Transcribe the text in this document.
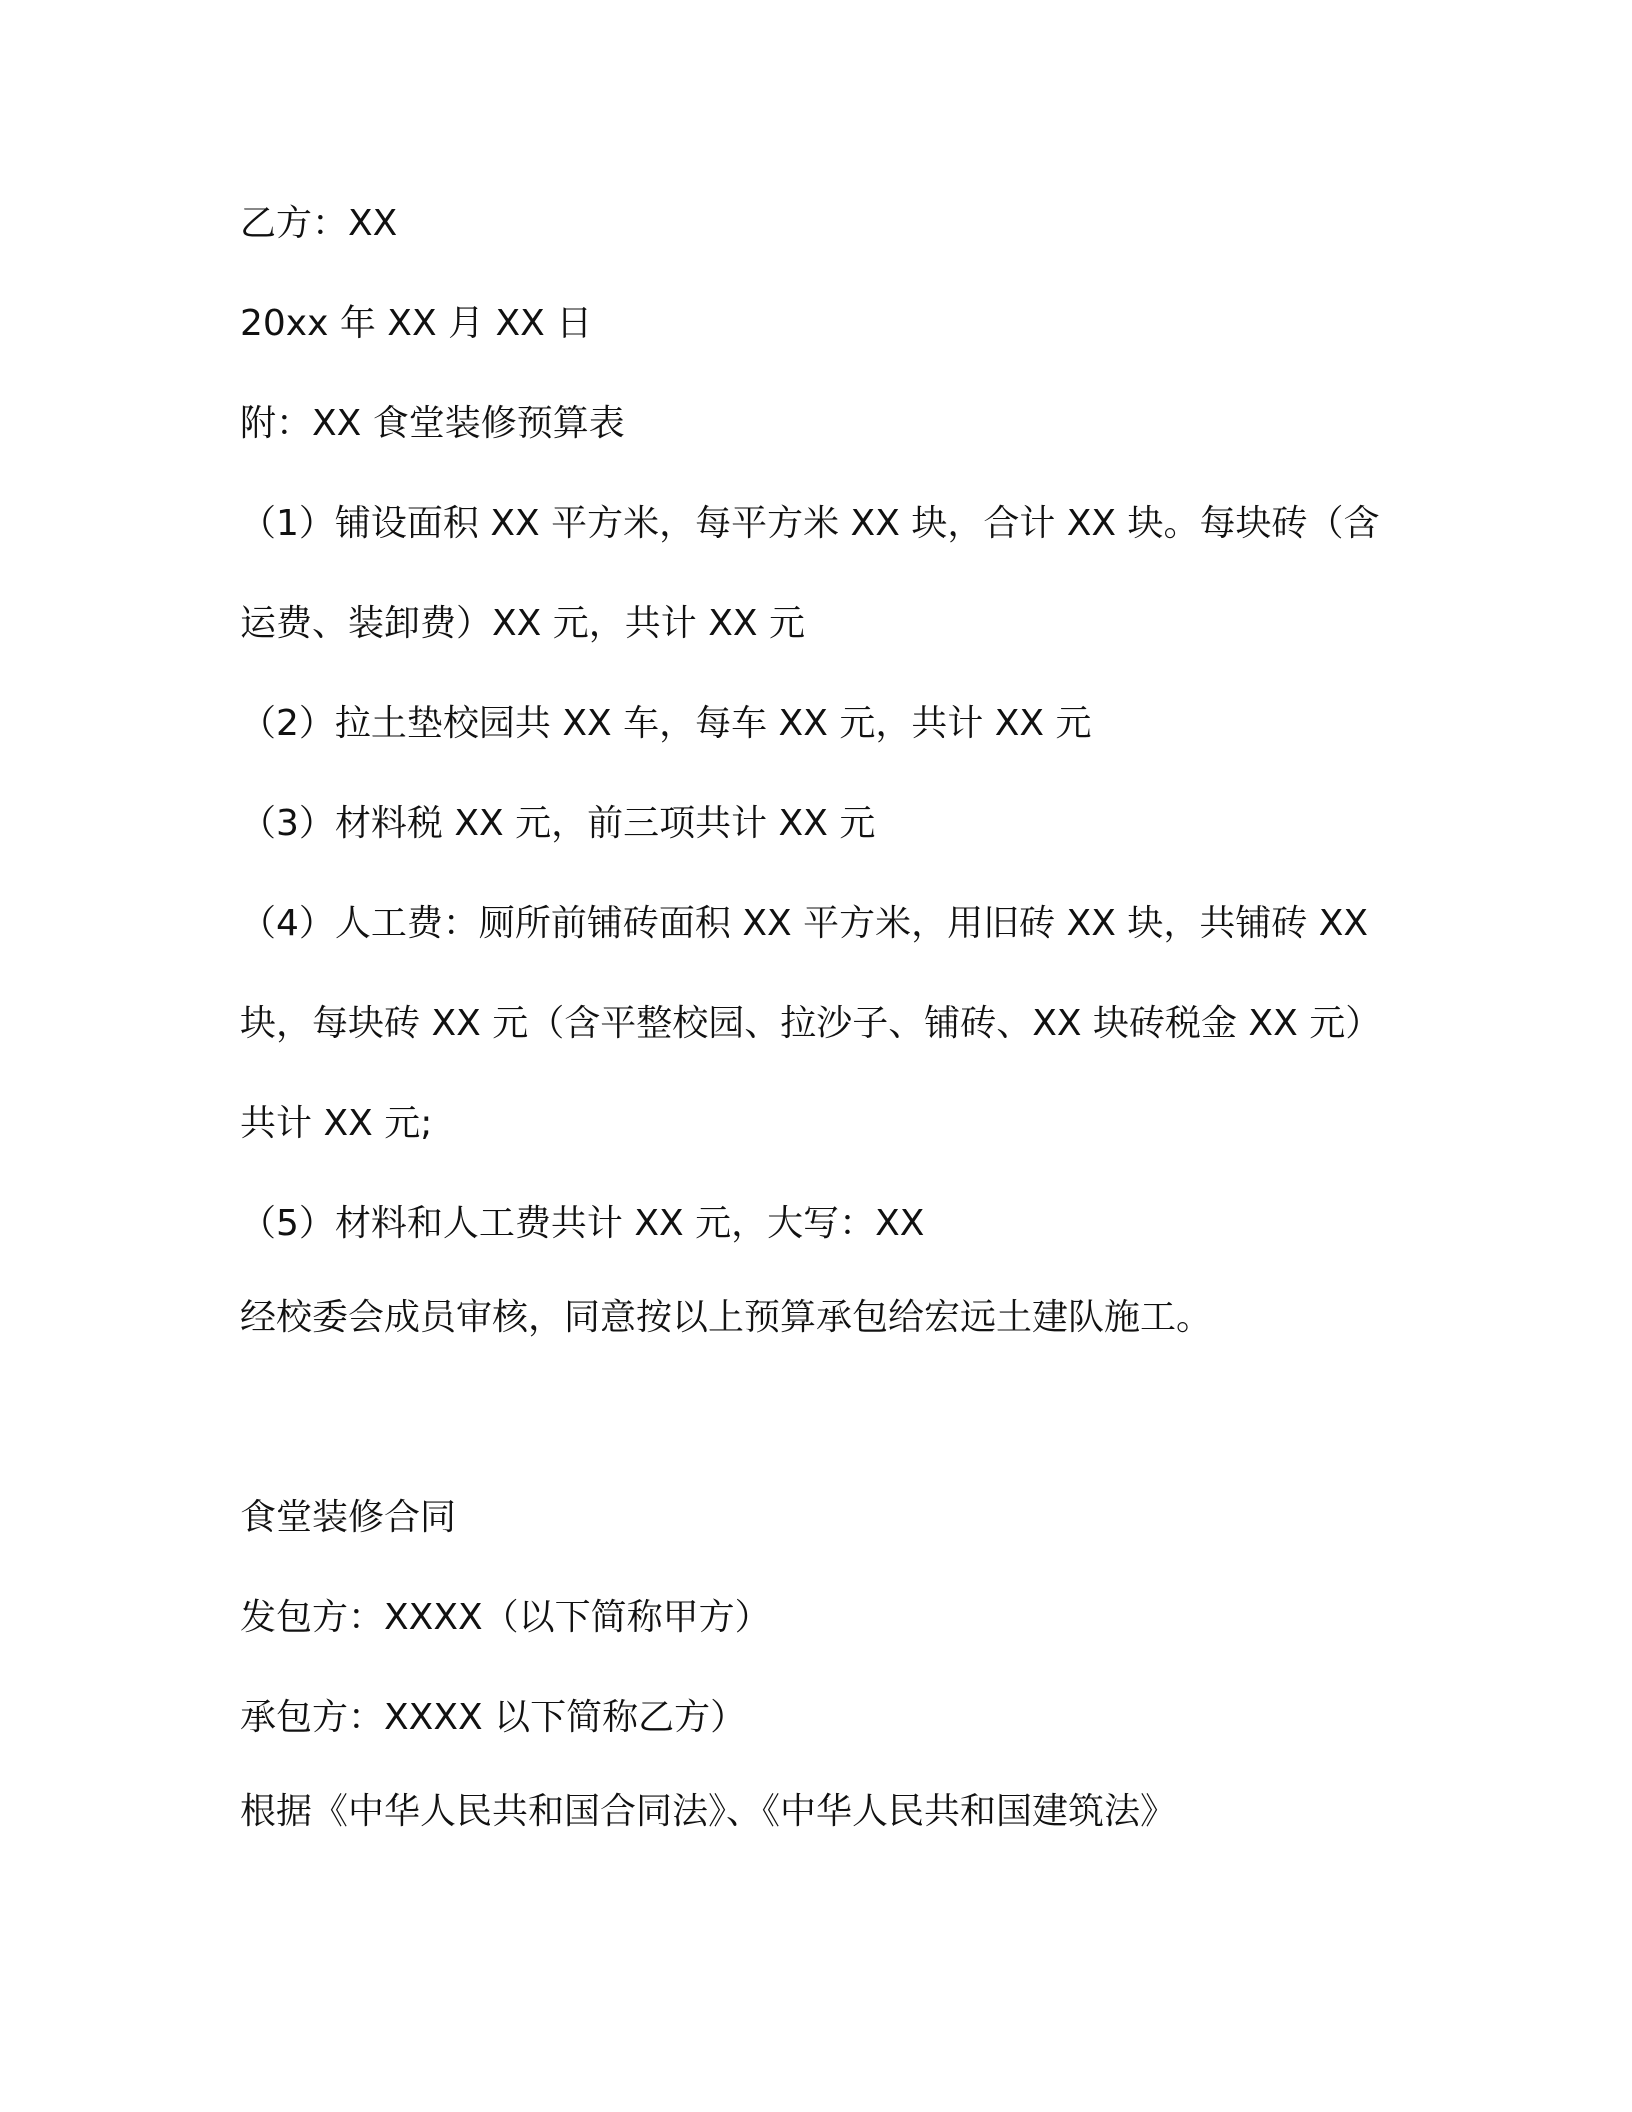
乙方：XX
20xx 年 XX 月 XX 日
附：XX 食堂装修预算表
（1）铺设面积 XX 平方米，每平方米 XX 块，合计 XX 块。每块砖（含
运费、装卸费）XX 元，共计 XX 元
（2）拉土垫校园共 XX 车，每车 XX 元，共计 XX 元
（3）材料税 XX 元，前三项共计 XX 元
（4）人工费：厕所前铺砖面积 XX 平方米，用旧砖 XX 块，共铺砖 XX
块，每块砖 XX 元（含平整校园、拉沙子、铺砖、XX 块砖税金 XX 元）
共计 XX 元;
（5）材料和人工费共计 XX 元，大写：XX
经校委会成员审核，同意按以上预算承包给宏远土建队施工。
食堂装修合同
发包方：XXXX（以下简称甲方）
承包方：XXXX 以下简称乙方）
根据《中华人民共和国合同法》、《中华人民共和国建筑法》
